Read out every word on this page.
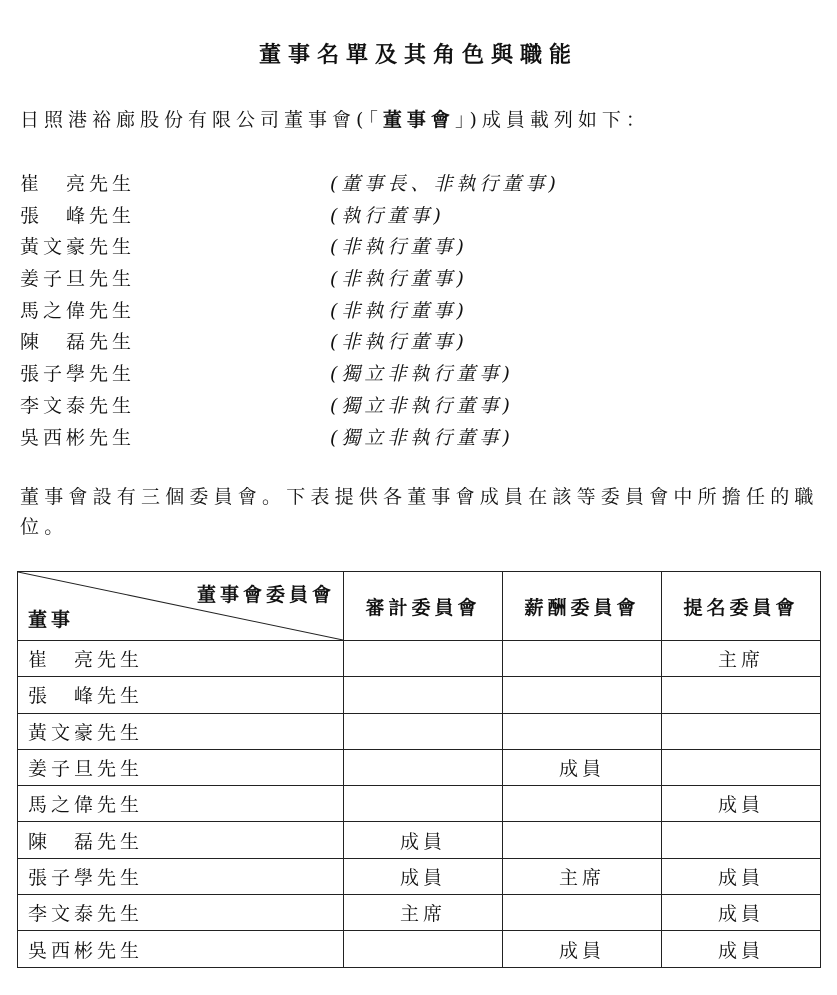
董事名單及其角色與職能
日照港裕廊股份有限公司董事會(「董事會」)成員載列如下：
崔　亮先生	(董事長、非執行董事)
張　峰先生	(執行董事)
黃文豪先生	(非執行董事)
姜子旦先生	(非執行董事)
馬之偉先生	(非執行董事)
陳　磊先生	(非執行董事)
張子學先生	(獨立非執行董事)
李文泰先生	(獨立非執行董事)
吳西彬先生	(獨立非執行董事)
董事會設有三個委員會。下表提供各董事會成員在該等委員會中所擔任的職位。
董事會委員會
董事	審計委員會	薪酬委員會	提名委員會
崔　亮先生			主席
張　峰先生			
黃文豪先生			
姜子旦先生		成員	
馬之偉先生			成員
陳　磊先生	成員		
張子學先生	成員	主席	成員
李文泰先生	主席		成員
吳西彬先生		成員	成員
